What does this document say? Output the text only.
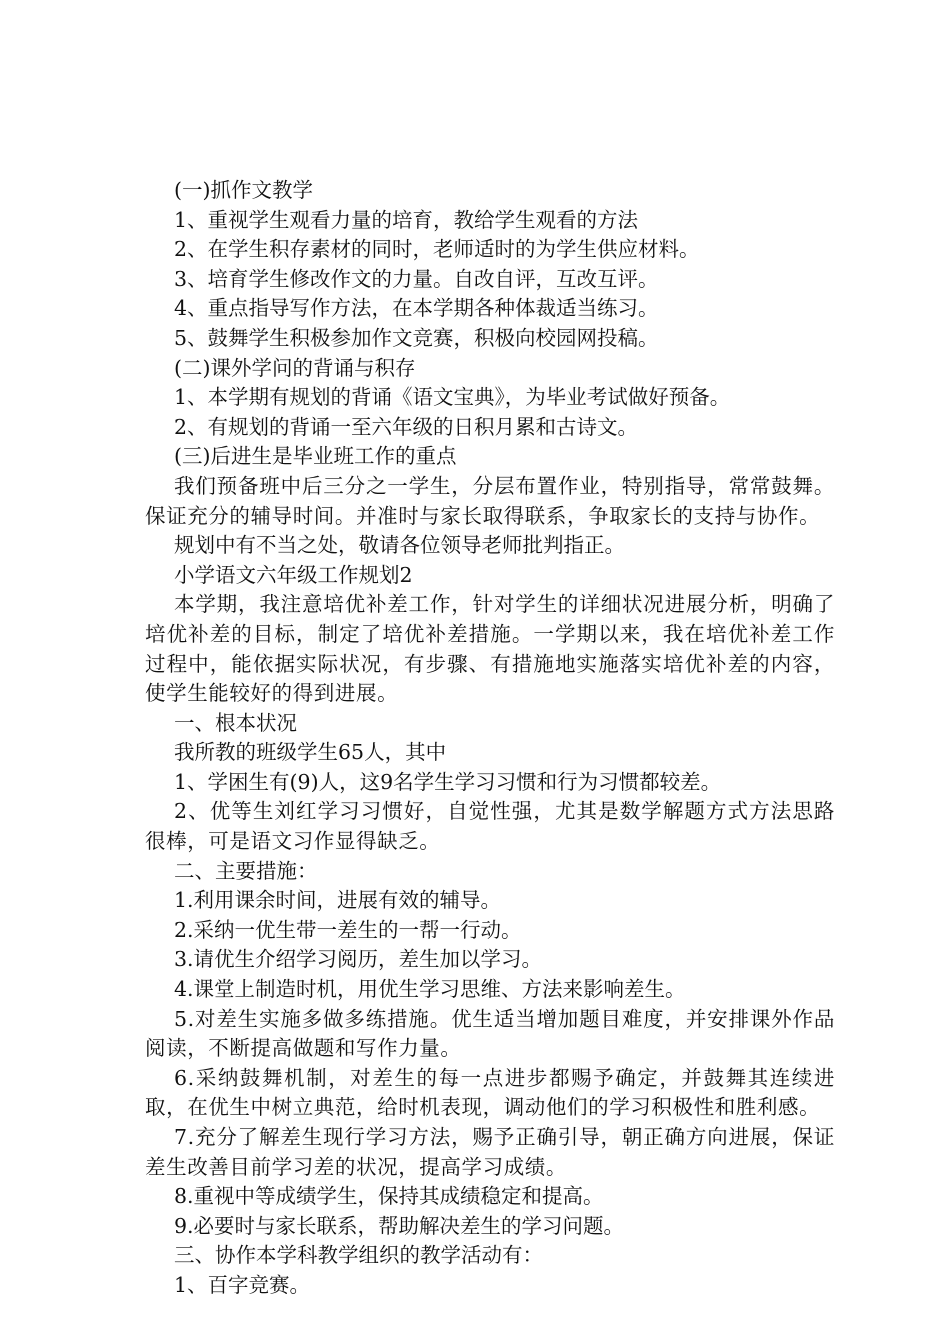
(一)抓作文教学

1、重视学生观看力量的培育，教给学生观看的方法

2、在学生积存素材的同时，老师适时的为学生供应材料。

3、培育学生修改作文的力量。自改自评，互改互评。

4、重点指导写作方法，在本学期各种体裁适当练习。

5、鼓舞学生积极参加作文竞赛，积极向校园网投稿。

(二)课外学问的背诵与积存

1、本学期有规划的背诵《语文宝典》，为毕业考试做好预备。

2、有规划的背诵一至六年级的日积月累和古诗文。

(三)后进生是毕业班工作的重点

我们预备班中后三分之一学生，分层布置作业，特别指导，常常鼓舞。保证充分的辅导时间。并准时与家长取得联系，争取家长的支持与协作。

规划中有不当之处，敬请各位领导老师批判指正。

小学语文六年级工作规划2

本学期，我注意培优补差工作，针对学生的详细状况进展分析，明确了培优补差的目标，制定了培优补差措施。一学期以来，我在培优补差工作过程中，能依据实际状况，有步骤、有措施地实施落实培优补差的内容，使学生能较好的得到进展。

一、根本状况

我所教的班级学生65人，其中

1、学困生有(9)人，这9名学生学习习惯和行为习惯都较差。

2、优等生刘红学习习惯好，自觉性强，尤其是数学解题方式方法思路很棒，可是语文习作显得缺乏。

二、主要措施：

1.利用课余时间，进展有效的辅导。

2.采纳一优生带一差生的一帮一行动。

3.请优生介绍学习阅历，差生加以学习。

4.课堂上制造时机，用优生学习思维、方法来影响差生。

5.对差生实施多做多练措施。优生适当增加题目难度，并安排课外作品阅读，不断提高做题和写作力量。

6.采纳鼓舞机制，对差生的每一点进步都赐予确定，并鼓舞其连续进取，在优生中树立典范，给时机表现，调动他们的学习积极性和胜利感。

7.充分了解差生现行学习方法，赐予正确引导，朝正确方向进展，保证差生改善目前学习差的状况，提高学习成绩。

8.重视中等成绩学生，保持其成绩稳定和提高。

9.必要时与家长联系，帮助解决差生的学习问题。

三、协作本学科教学组织的教学活动有：

1、百字竞赛。
